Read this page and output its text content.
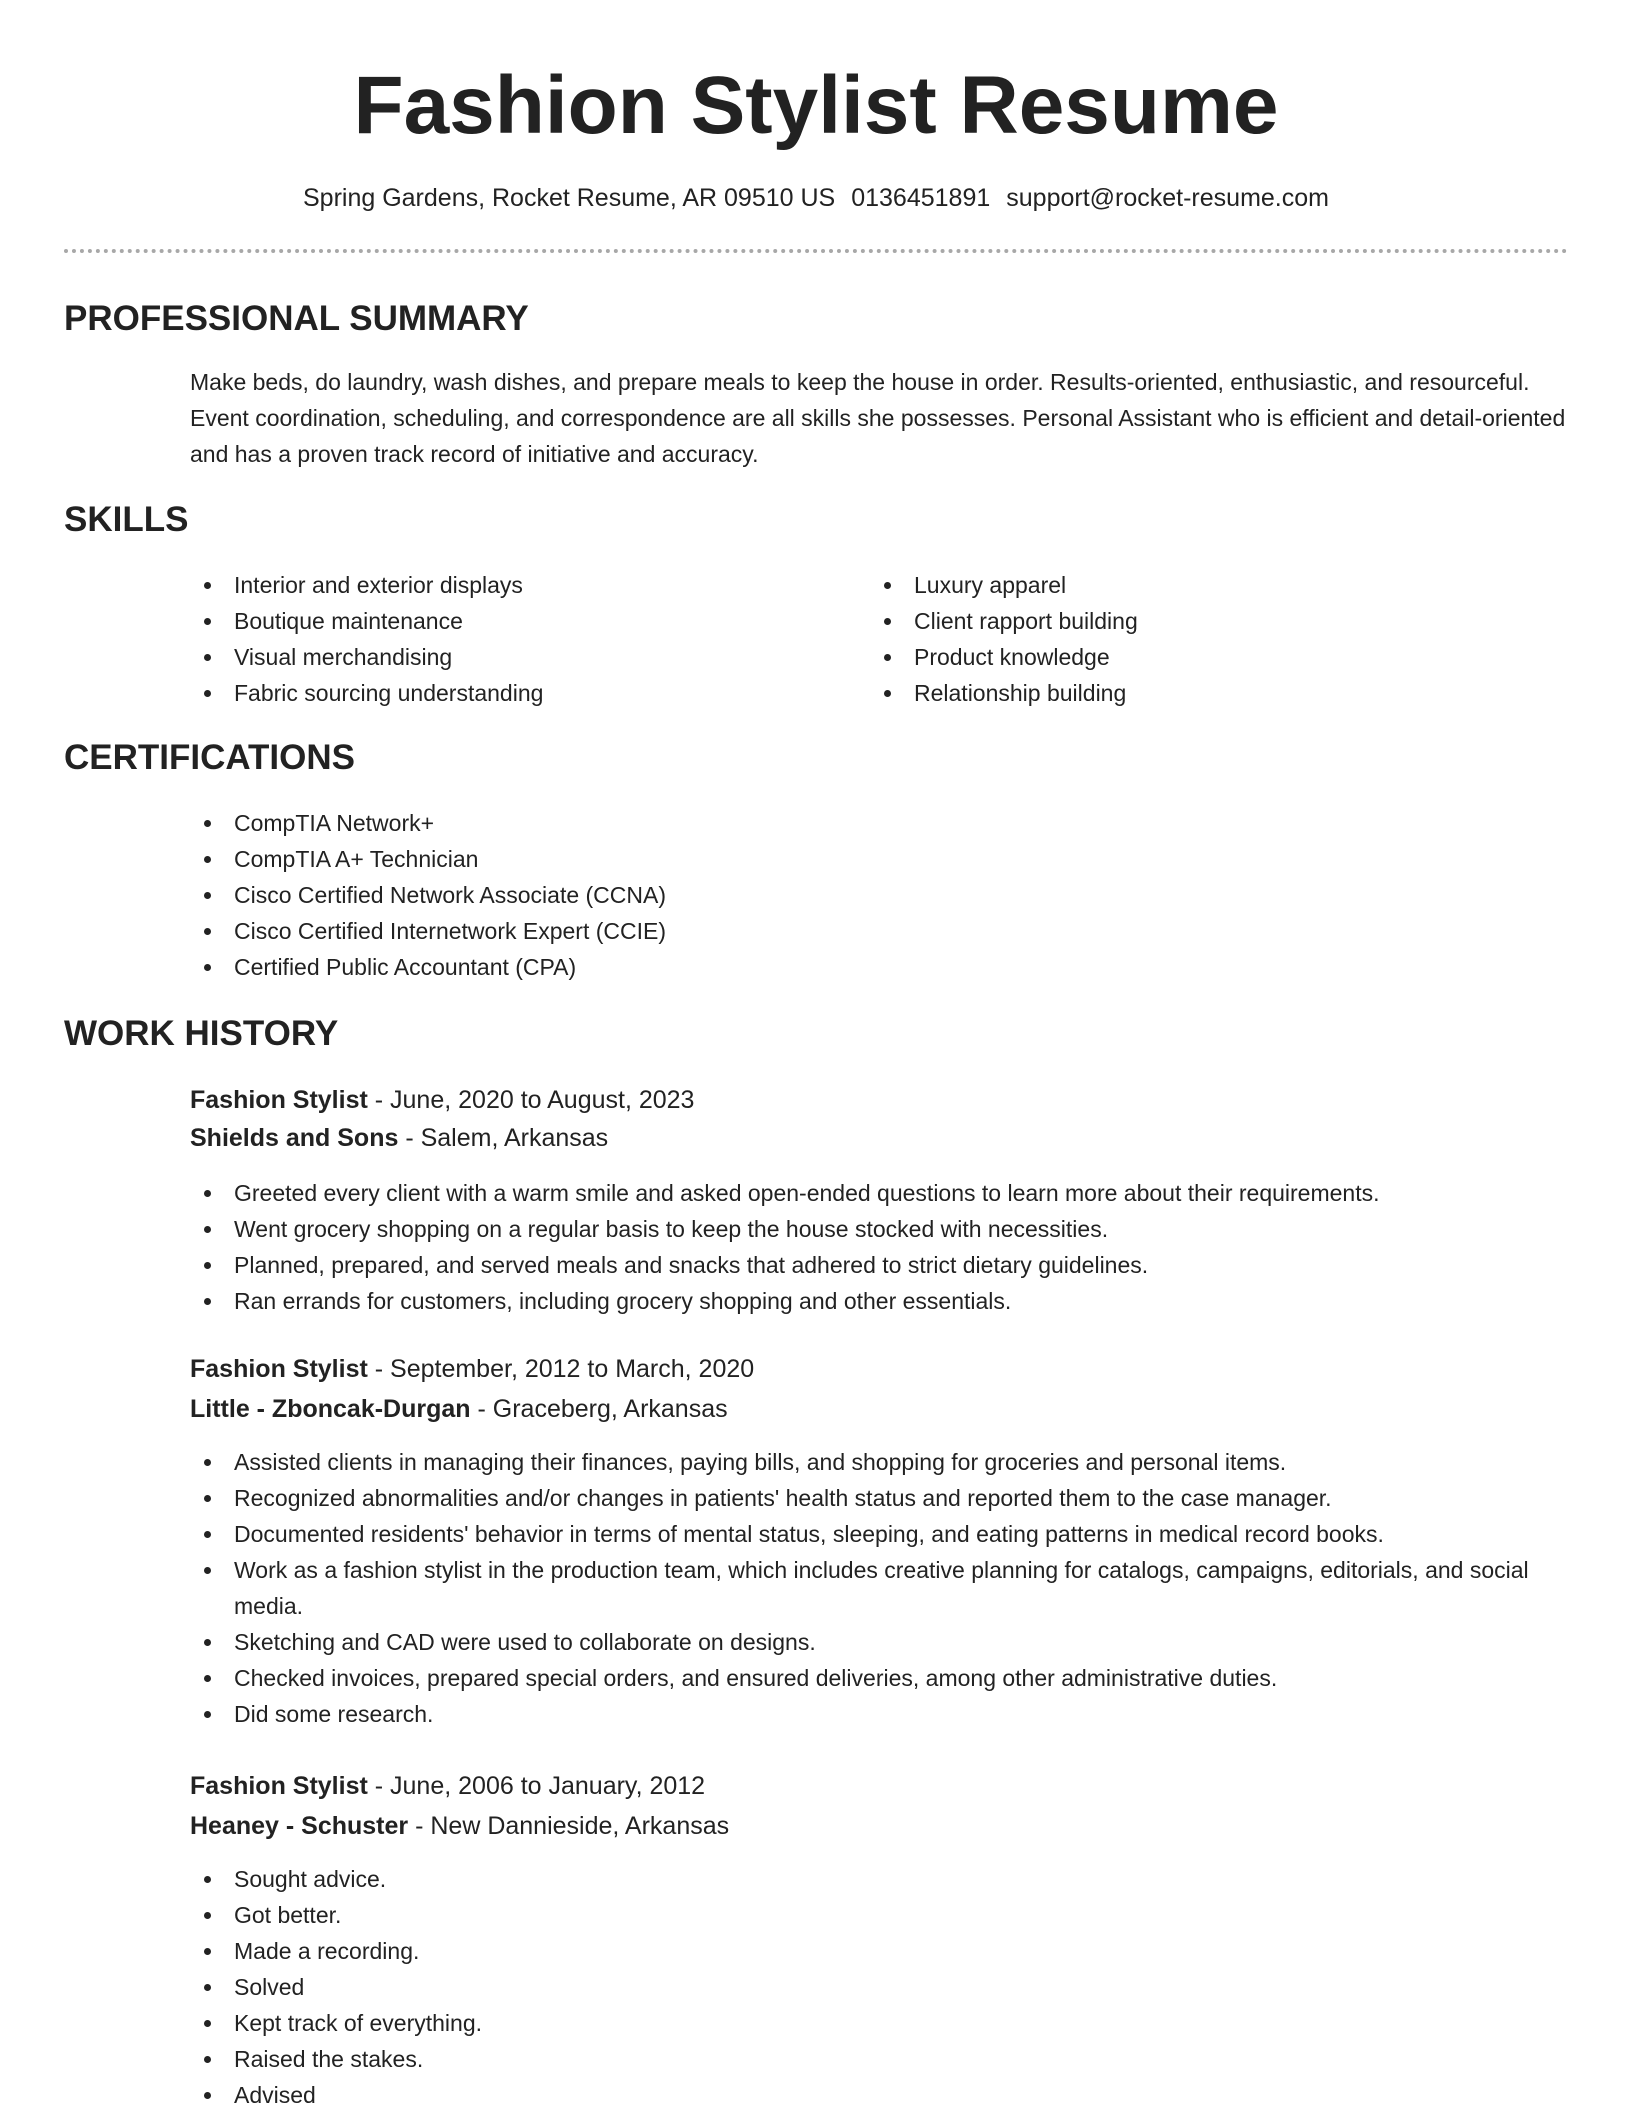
Fashion Stylist Resume
Spring Gardens, Rocket Resume, AR 09510 US 0136451891 support@rocket-resume.com
PROFESSIONAL SUMMARY

Make beds, do laundry, wash dishes, and prepare meals to keep the house in order. Results-oriented, enthusiastic, and resourceful. Event coordination, scheduling, and correspondence are all skills she possesses. Personal Assistant who is efficient and detail-oriented and has a proven track record of initiative and accuracy.

SKILLS
Interior and exterior displays
Boutique maintenance
Visual merchandising
Fabric sourcing understanding
Luxury apparel
Client rapport building
Product knowledge
Relationship building
CERTIFICATIONS
CompTIA Network+
CompTIA A+ Technician
Cisco Certified Network Associate (CCNA)
Cisco Certified Internetwork Expert (CCIE)
Certified Public Accountant (CPA)
WORK HISTORY
Fashion Stylist - June, 2020 to August, 2023
Shields and Sons - Salem, Arkansas
Greeted every client with a warm smile and asked open-ended questions to learn more about their requirements.
Went grocery shopping on a regular basis to keep the house stocked with necessities.
Planned, prepared, and served meals and snacks that adhered to strict dietary guidelines.
Ran errands for customers, including grocery shopping and other essentials.
Fashion Stylist - September, 2012 to March, 2020
Little - Zboncak-Durgan - Graceberg, Arkansas
Assisted clients in managing their finances, paying bills, and shopping for groceries and personal items.
Recognized abnormalities and/or changes in patients' health status and reported them to the case manager.
Documented residents' behavior in terms of mental status, sleeping, and eating patterns in medical record books.
Work as a fashion stylist in the production team, which includes creative planning for catalogs, campaigns, editorials, and social media.
Sketching and CAD were used to collaborate on designs.
Checked invoices, prepared special orders, and ensured deliveries, among other administrative duties.
Did some research.
Fashion Stylist - June, 2006 to January, 2012
Heaney - Schuster - New Dannieside, Arkansas
Sought advice.
Got better.
Made a recording.
Solved
Kept track of everything.
Raised the stakes.
Advised
